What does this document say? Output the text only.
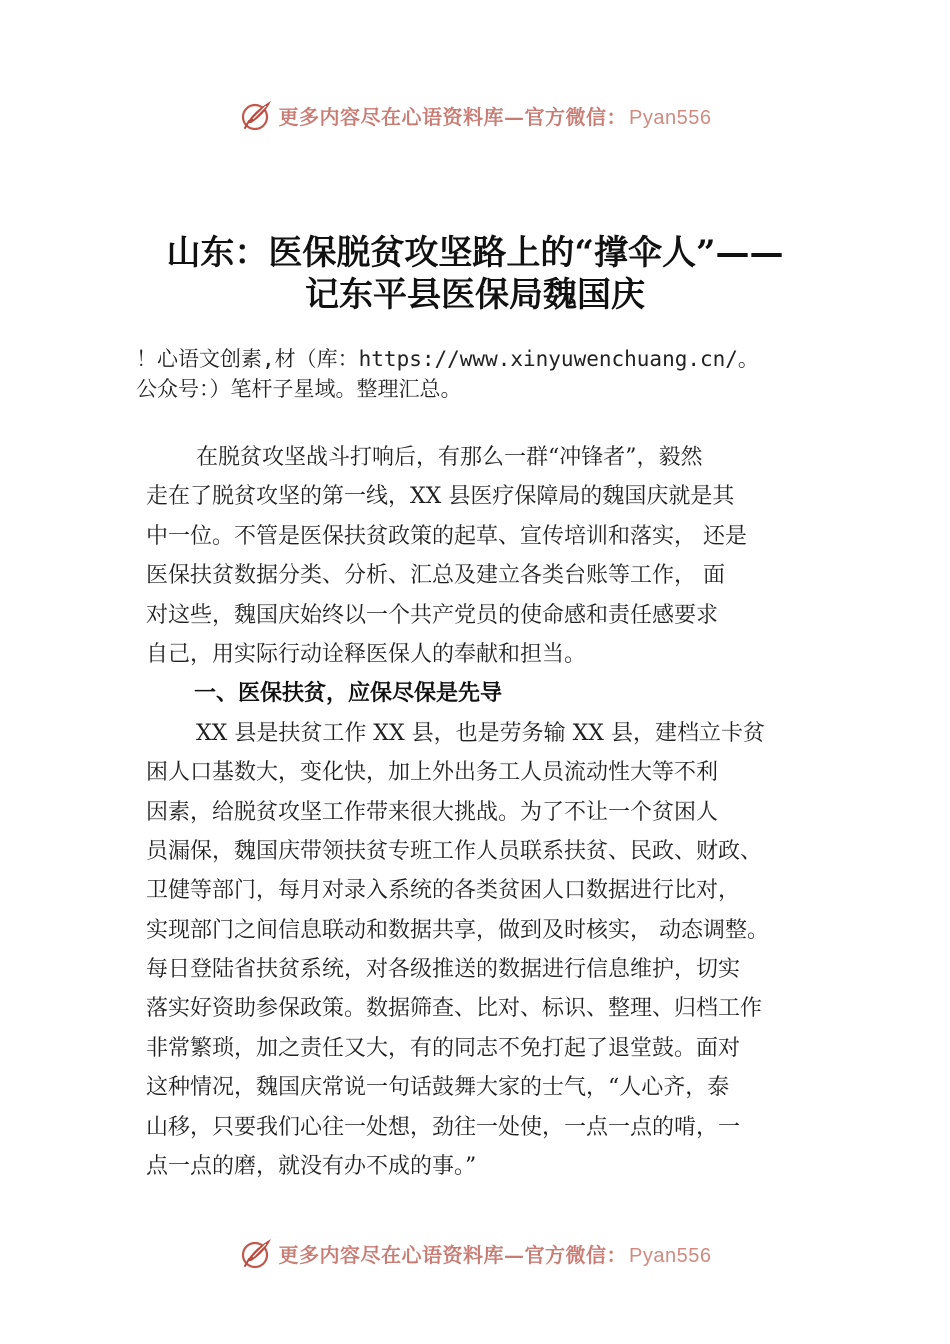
更多内容尽在心语资料库—官方微信： Pyan556
山东：医保脱贫攻坚路上的“撑伞人”——
记东平县医保局魏国庆
！心语文创素,材（库：https://www.xinyuwenchuang.cn/。
公众号：）笔杆子星域。整理汇总。
在脱贫攻坚战斗打响后，有那么一群“冲锋者”，毅然
走在了脱贫攻坚的第一线，XX 县医疗保障局的魏国庆就是其
中一位。不管是医保扶贫政策的起草、宣传培训和落实， 还是
医保扶贫数据分类、分析、汇总及建立各类台账等工作， 面
对这些，魏国庆始终以一个共产党员的使命感和责任感要求
自己，用实际行动诠释医保人的奉献和担当。
一、医保扶贫，应保尽保是先导
XX 县是扶贫工作 XX 县，也是劳务输 XX 县，建档立卡贫
困人口基数大，变化快，加上外出务工人员流动性大等不利
因素，给脱贫攻坚工作带来很大挑战。为了不让一个贫困人
员漏保，魏国庆带领扶贫专班工作人员联系扶贫、民政、财政、
卫健等部门，每月对录入系统的各类贫困人口数据进行比对，
实现部门之间信息联动和数据共享，做到及时核实， 动态调整。
每日登陆省扶贫系统，对各级推送的数据进行信息维护，切实
落实好资助参保政策。数据筛查、比对、标识、整理、归档工作
非常繁琐，加之责任又大，有的同志不免打起了退堂鼓。面对
这种情况，魏国庆常说一句话鼓舞大家的士气，“人心齐，泰
山移，只要我们心往一处想，劲往一处使，一点一点的啃，一
点一点的磨，就没有办不成的事。”
更多内容尽在心语资料库—官方微信： Pyan556
